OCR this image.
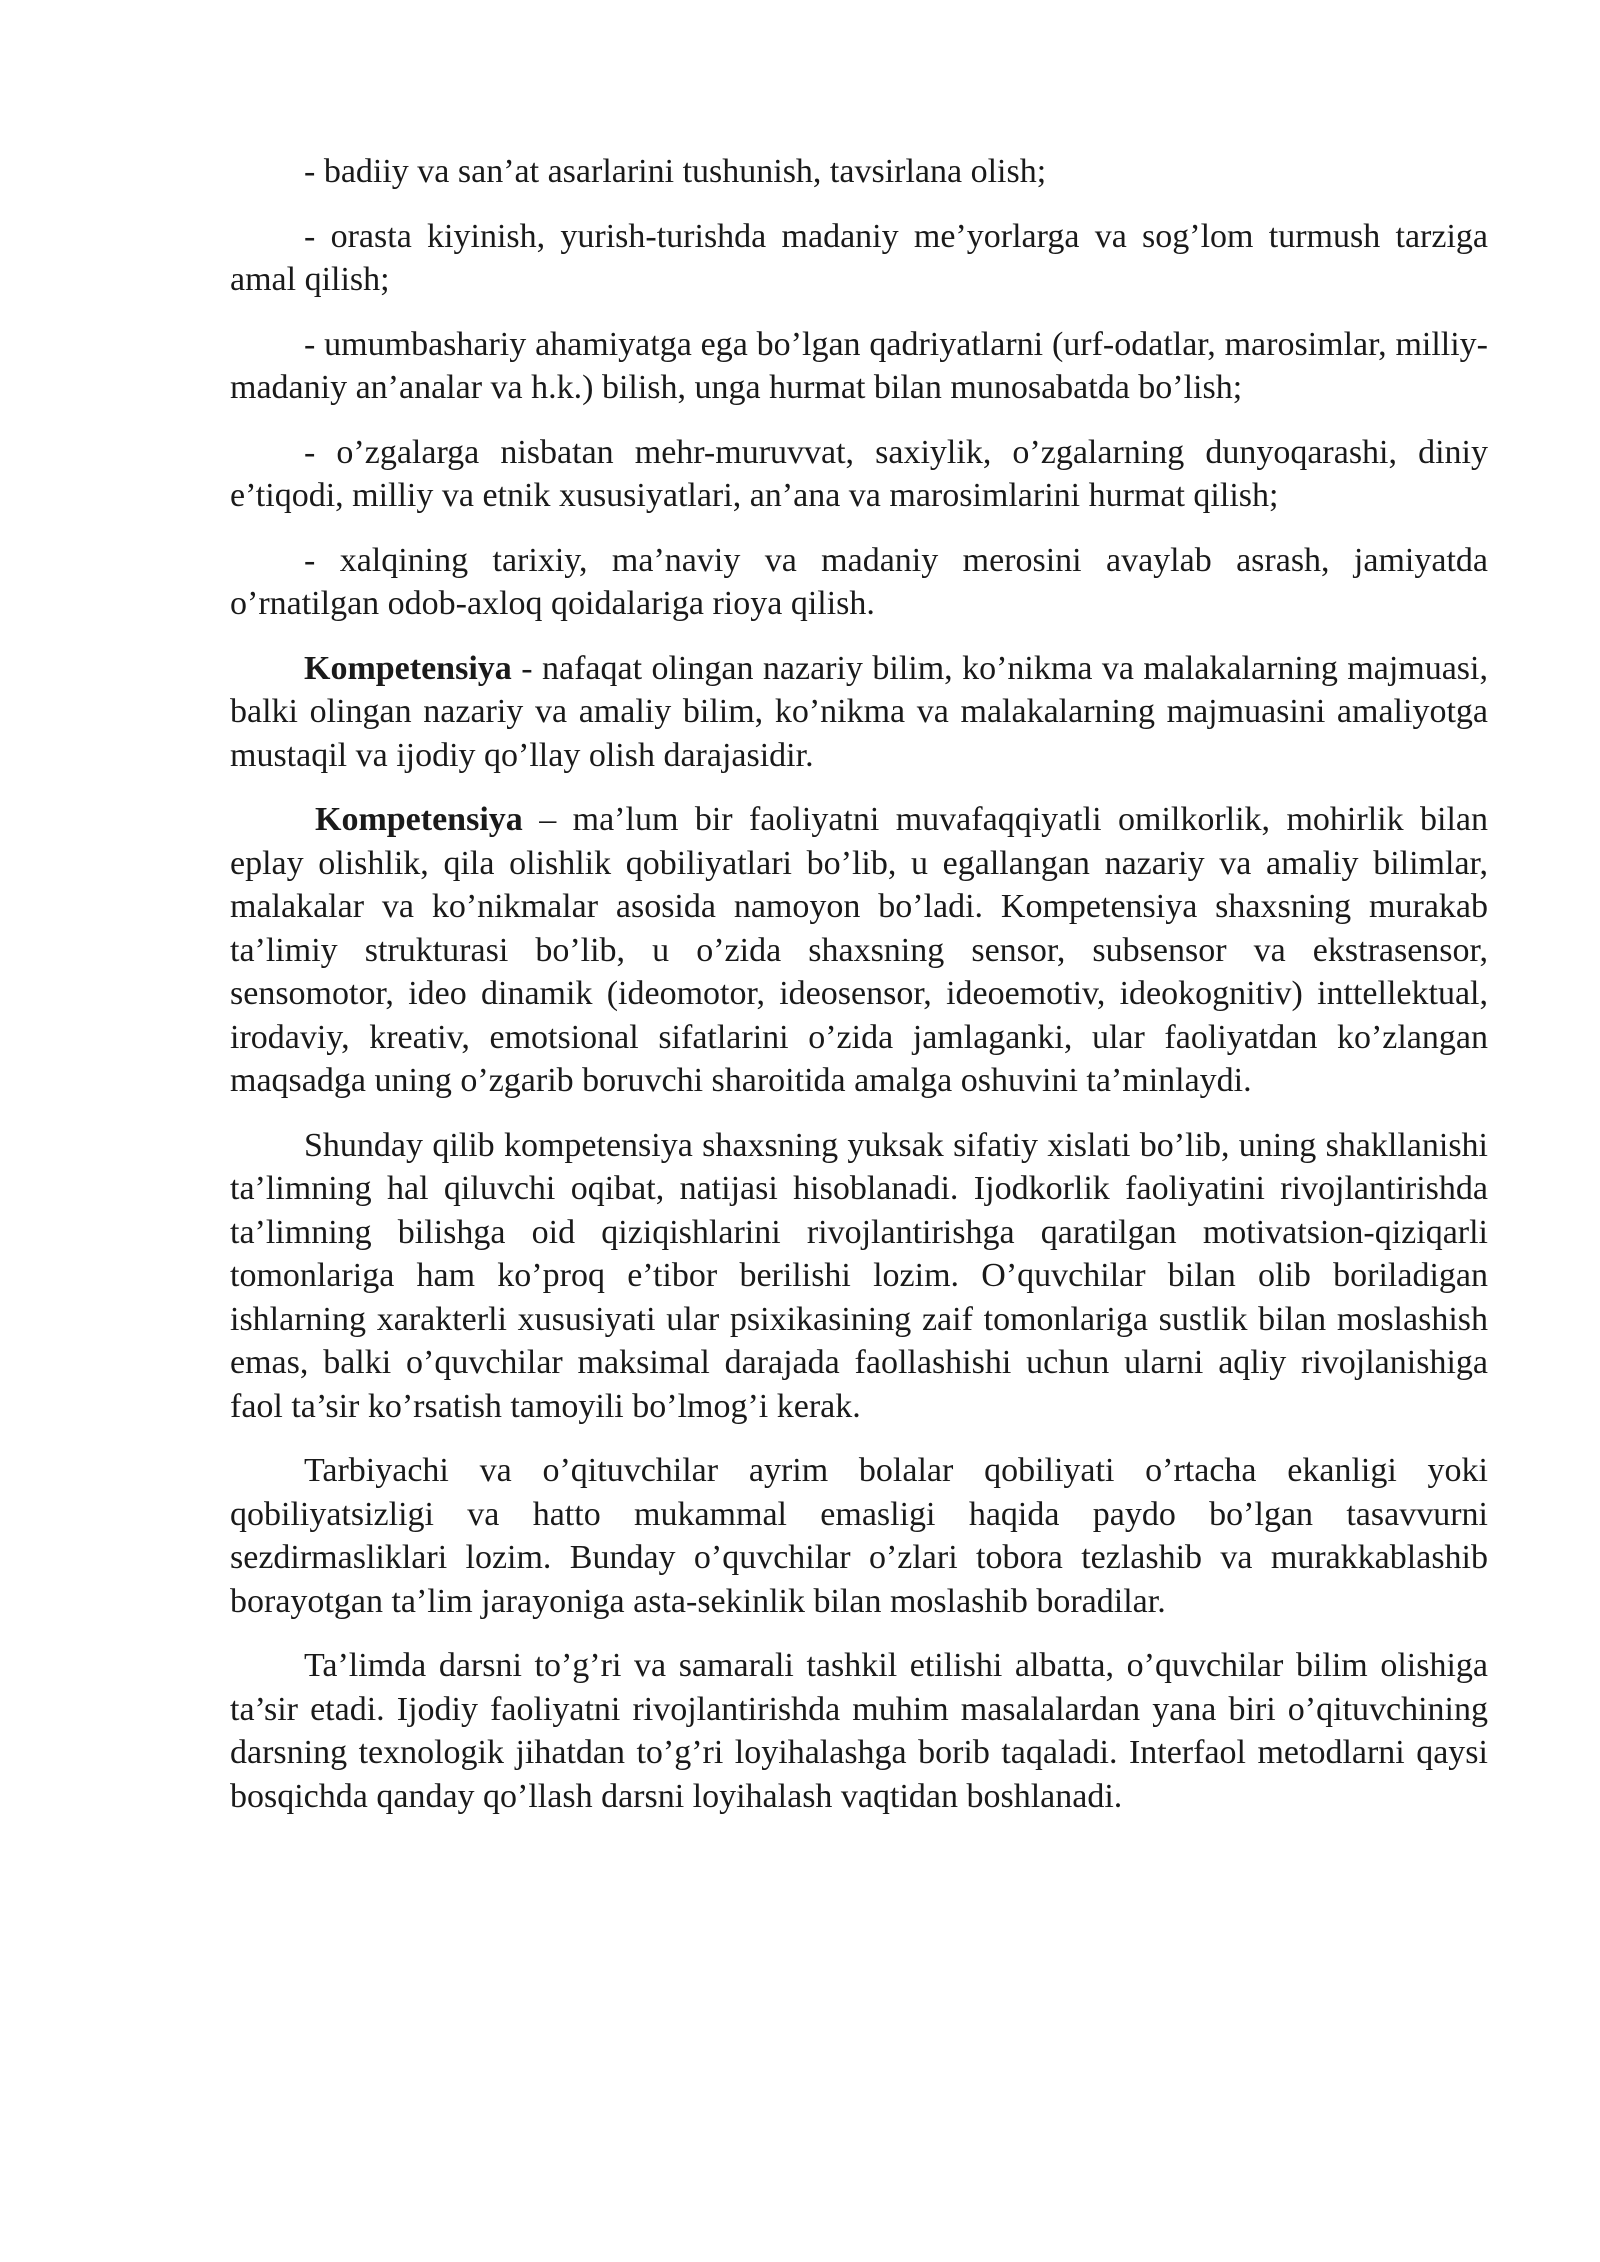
- badiiy va san’at asarlarini tushunish, tavsirlana olish;

- orasta kiyinish, yurish-turishda madaniy me’yorlarga va sog’lom turmush tarziga amal qilish;

- umumbashariy ahamiyatga ega bo’lgan qadriyatlarni (urf-odatlar, marosimlar, milliy-madaniy an’analar va h.k.) bilish, unga hurmat bilan munosabatda bo’lish;

- o’zgalarga nisbatan mehr-muruvvat, saxiylik, o’zgalarning dunyoqarashi, diniy e’tiqodi, milliy va etnik xususiyatlari, an’ana va marosimlarini hurmat qilish;

- xalqining tarixiy, ma’naviy va madaniy merosini avaylab asrash, jamiyatda o’rnatilgan odob-axloq qoidalariga rioya qilish.

Kompetensiya - nafaqat olingan nazariy bilim, ko’nikma va malakalarning majmuasi, balki olingan nazariy va amaliy bilim, ko’nikma va malakalarning majmuasini amaliyotga mustaqil va ijodiy qo’llay olish darajasidir.

Kompetensiya – ma’lum bir faoliyatni muvafaqqiyatli omilkorlik, mohirlik bilan eplay olishlik, qila olishlik qobiliyatlari bo’lib, u egallangan nazariy va amaliy bilimlar, malakalar va ko’nikmalar asosida namoyon bo’ladi. Kompetensiya shaxsning murakab ta’limiy strukturasi bo’lib, u o’zida shaxsning sensor, subsensor va ekstrasensor, sensomotor, ideo dinamik (ideomotor, ideosensor, ideoemotiv, ideokognitiv) inttellektual, irodaviy, kreativ, emotsional sifatlarini o’zida jamlaganki, ular faoliyatdan ko’zlangan maqsadga uning o’zgarib boruvchi sharoitida amalga oshuvini ta’minlaydi.

Shunday qilib kompetensiya shaxsning yuksak sifatiy xislati bo’lib, uning shakllanishi ta’limning hal qiluvchi oqibat, natijasi hisoblanadi. Ijodkorlik faoliyatini rivojlantirishda ta’limning bilishga oid qiziqishlarini rivojlantirishga qaratilgan motivatsion-qiziqarli tomonlariga ham ko’proq e’tibor berilishi lozim. O’quvchilar bilan olib boriladigan ishlarning xarakterli xususiyati ular psixikasining zaif tomonlariga sustlik bilan moslashish emas, balki o’quvchilar maksimal darajada faollashishi uchun ularni aqliy rivojlanishiga faol ta’sir ko’rsatish tamoyili bo’lmog’i kerak.

Tarbiyachi va o’qituvchilar ayrim bolalar qobiliyati o’rtacha ekanligi yoki qobiliyatsizligi va hatto mukammal emasligi haqida paydo bo’lgan tasavvurni sezdirmasliklari lozim. Bunday o’quvchilar o’zlari tobora tezlashib va murakkablashib borayotgan ta’lim jarayoniga asta-sekinlik bilan moslashib boradilar.

Ta’limda darsni to’g’ri va samarali tashkil etilishi albatta, o’quvchilar bilim olishiga ta’sir etadi. Ijodiy faoliyatni rivojlantirishda muhim masalalardan yana biri o’qituvchining darsning texnologik jihatdan to’g’ri loyihalashga borib taqaladi. Interfaol metodlarni qaysi bosqichda qanday qo’llash darsni loyihalash vaqtidan boshlanadi.
